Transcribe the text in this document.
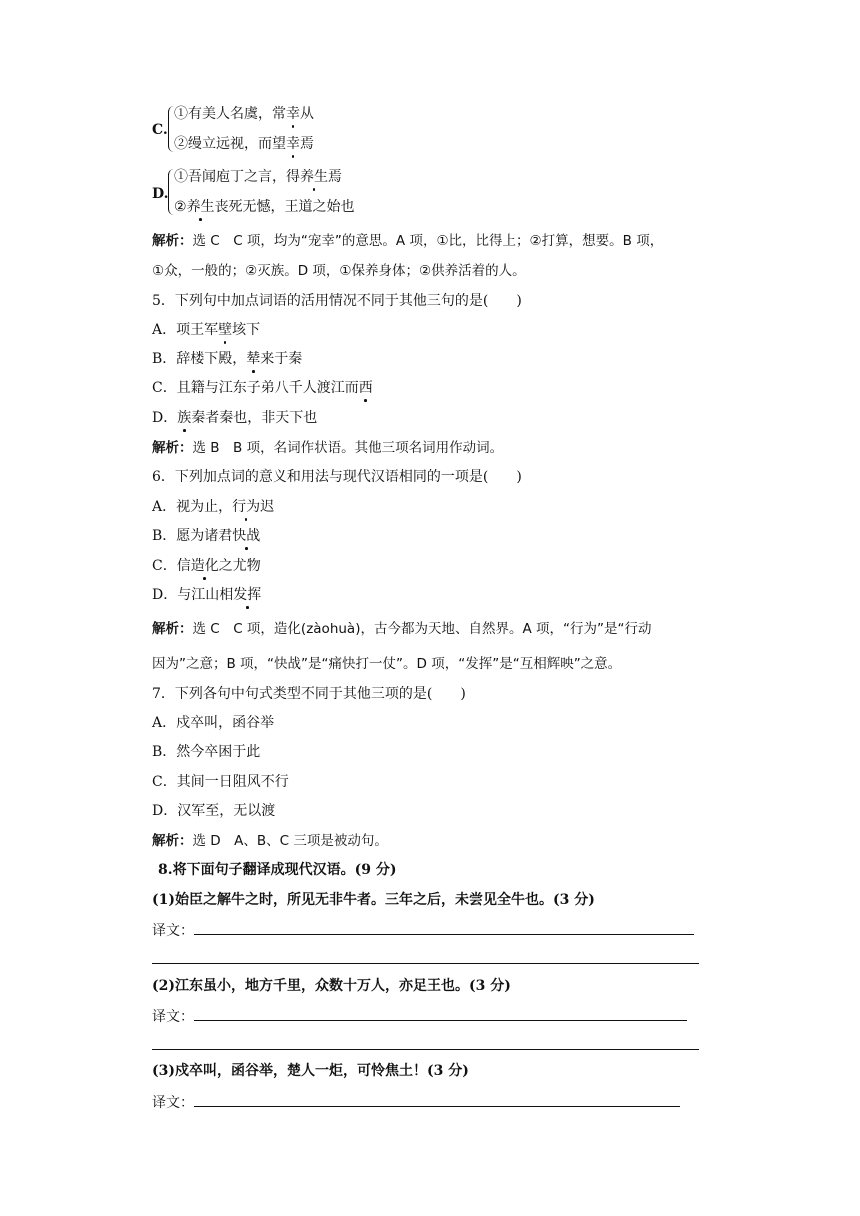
C.
①有美人名虞，常幸从
②缦立远视，而望幸焉
D.
①吾闻庖丁之言，得养生焉
②养生丧死无憾，王道之始也
解析：选 C　C 项，均为“宠幸”的意思。A 项，①比，比得上；②打算，想要。B 项，
①众，一般的；②灭族。D 项，①保养身体；②供养活着的人。
5．下列句中加点词语的活用情况不同于其他三句的是(　　)
A．项王军壁垓下
B．辞楼下殿，辇来于秦
C．且籍与江东子弟八千人渡江而西
D．族秦者秦也，非天下也
解析：选 B　B 项，名词作状语。其他三项名词用作动词。
6．下列加点词的意义和用法与现代汉语相同的一项是(　　)
A．视为止，行为迟
B．愿为诸君快战
C．信造化之尤物
D．与江山相发挥
解析：选 C　C 项，造化(zàohuà)，古今都为天地、自然界。A 项，“行为”是“行动
因为”之意；B 项，“快战”是“痛快打一仗”。D 项，“发挥”是“互相辉映”之意。
7．下列各句中句式类型不同于其他三项的是(　　)
A．戍卒叫，函谷举
B．然今卒困于此
C．其间一日阻风不行
D．汉军至，无以渡
解析：选 D　A、B、C 三项是被动句。
8.将下面句子翻译成现代汉语。(9 分)
(1)始臣之解牛之时，所见无非牛者。三年之后，未尝见全牛也。(3 分)
译文：
(2)江东虽小，地方千里，众数十万人，亦足王也。(3 分)
译文：
(3)戍卒叫，函谷举，楚人一炬，可怜焦土！(3 分)
译文：
